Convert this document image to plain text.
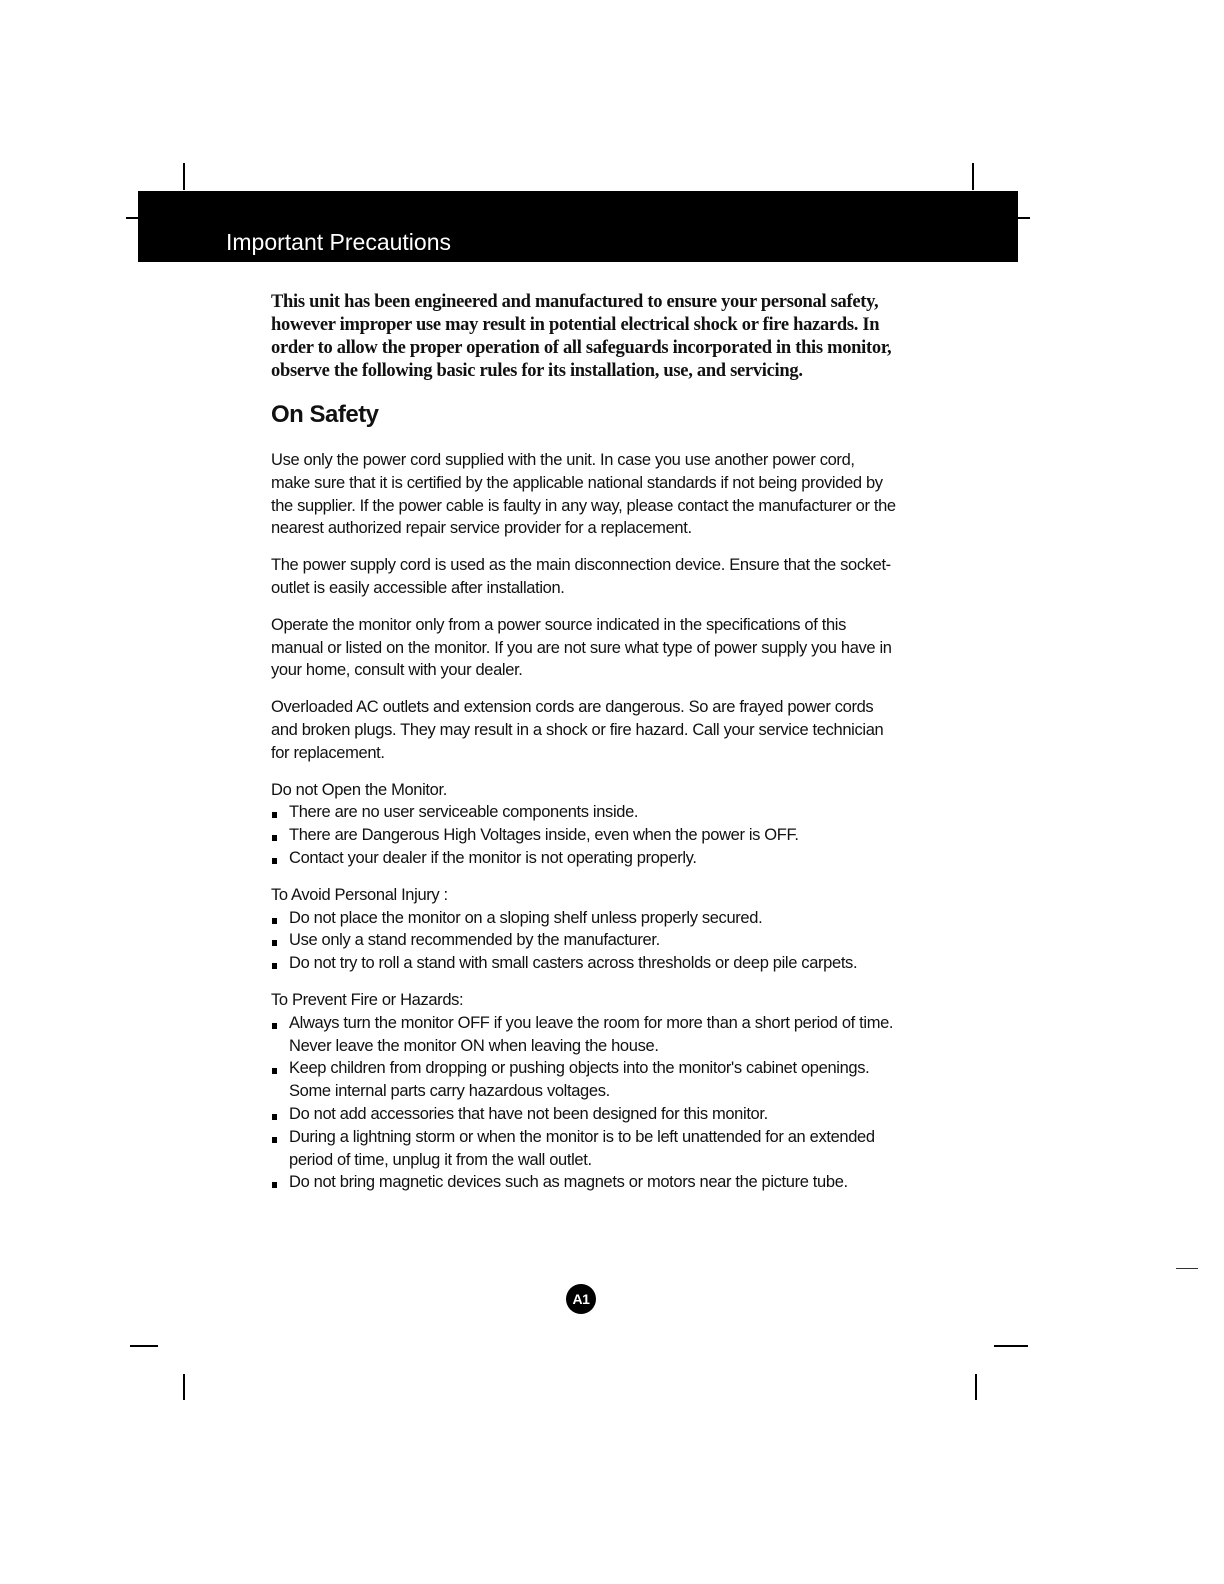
Important Precautions

This unit has been engineered and manufactured to ensure your personal safety, however improper use may result in potential electrical shock or fire hazards. In order to allow the proper operation of all safeguards incorporated in this monitor, observe the following basic rules for its installation, use, and servicing.

On Safety

Use only the power cord supplied with the unit. In case you use another power cord, make sure that it is certified by the applicable national standards if not being provided by the supplier. If the power cable is faulty in any way, please contact the manufacturer or the nearest authorized repair service provider for a replacement.

The power supply cord is used as the main disconnection device. Ensure that the socket-outlet is easily accessible after installation.

Operate the monitor only from a power source indicated in the specifications of this manual or listed on the monitor. If you are not sure what type of power supply you have in your home, consult with your dealer.

Overloaded AC outlets and extension cords are dangerous. So are frayed power cords and broken plugs. They may result in a shock or fire hazard. Call your service technician for replacement.

Do not Open the Monitor.

There are no user serviceable components inside.
There are Dangerous High Voltages inside, even when the power is OFF.
Contact your dealer if the monitor is not operating properly.

To Avoid Personal Injury :

Do not place the monitor on a sloping shelf unless properly secured.
Use only a stand recommended by the manufacturer.
Do not try to roll a stand with small casters across thresholds or deep pile carpets.

To Prevent Fire or Hazards:

Always turn the monitor OFF if you leave the room for more than a short period of time. Never leave the monitor ON when leaving the house.
Keep children from dropping or pushing objects into the monitor's cabinet openings. Some internal parts carry hazardous voltages.
Do not add accessories that have not been designed for this monitor.
During a lightning storm or when the monitor is to be left unattended for an extended period of time, unplug it from the wall outlet.
Do not bring magnetic devices such as magnets or motors near the picture tube.
A1
